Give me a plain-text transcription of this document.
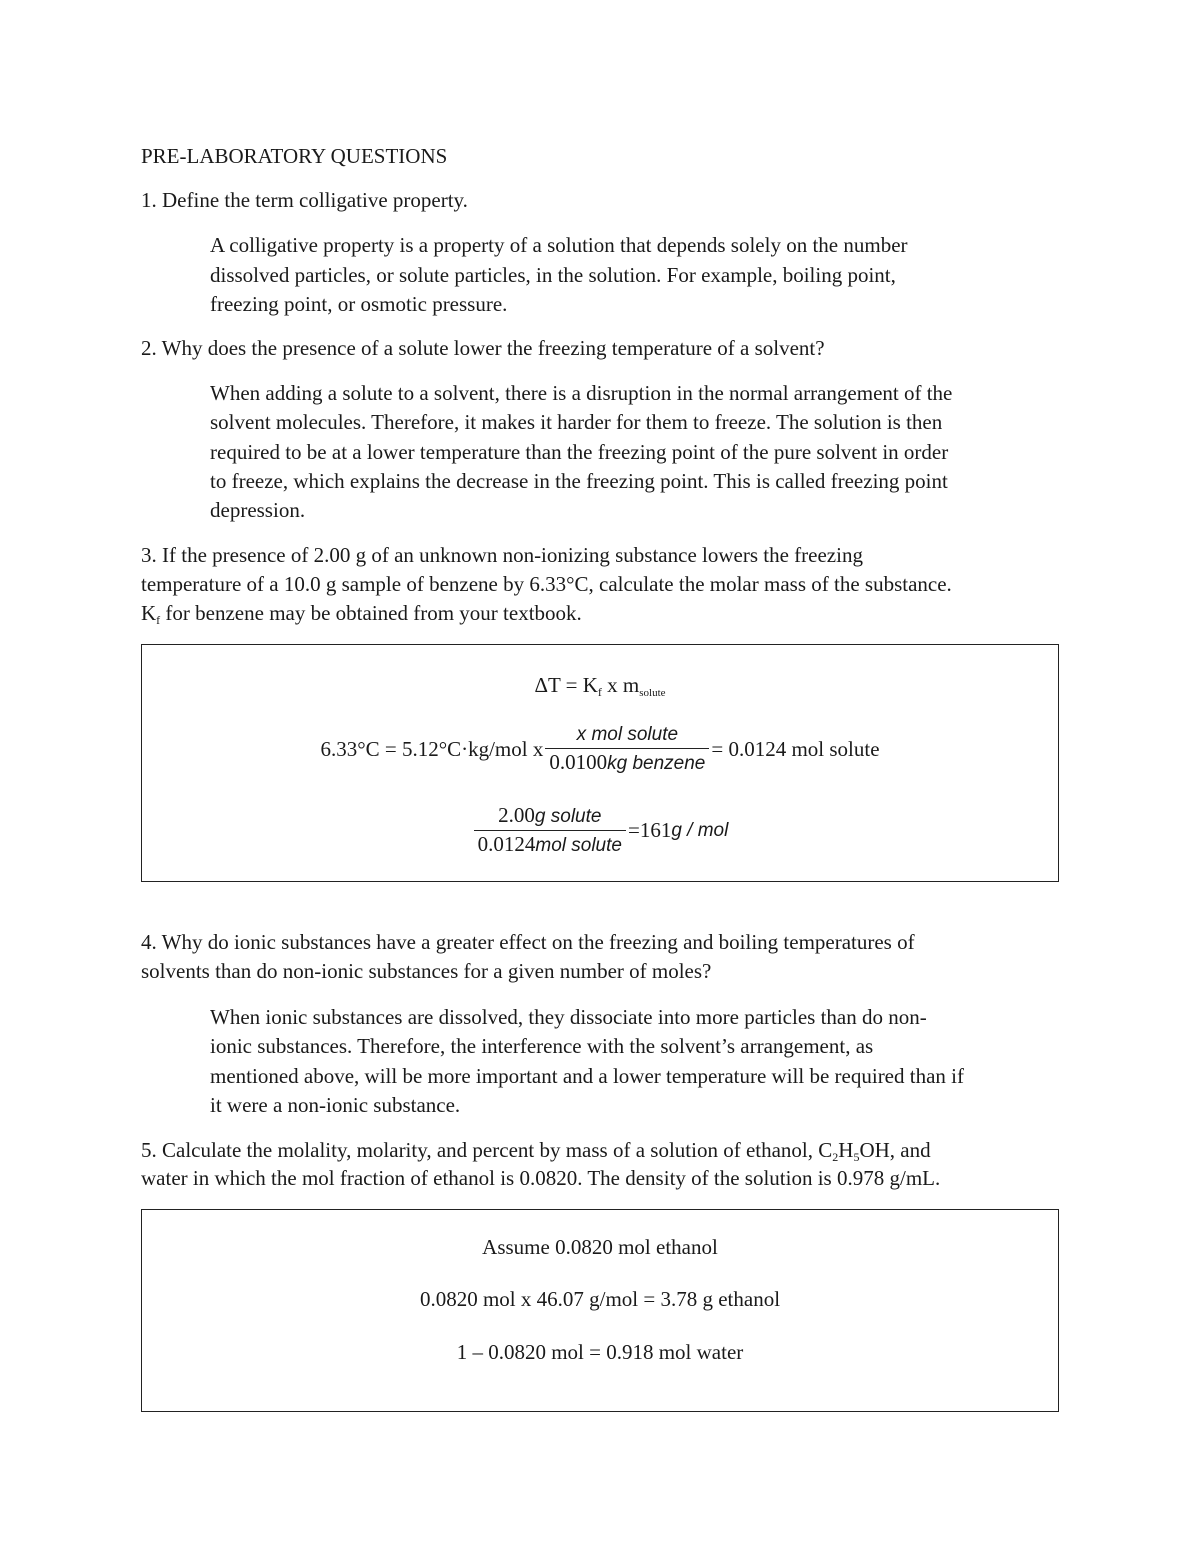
PRE-LABORATORY QUESTIONS
1. Define the term colligative property.
A colligative property is a property of a solution that depends solely on the number
dissolved particles, or solute particles, in the solution. For example, boiling point,
freezing point, or osmotic pressure.
2. Why does the presence of a solute lower the freezing temperature of a solvent?
When adding a solute to a solvent, there is a disruption in the normal arrangement of the
solvent molecules. Therefore, it makes it harder for them to freeze. The solution is then
required to be at a lower temperature than the freezing point of the pure solvent in order
to freeze, which explains the decrease in the freezing point. This is called freezing point
depression.
3. If the presence of 2.00 g of an unknown non-ionizing substance lowers the freezing
temperature of a 10.0 g sample of benzene by 6.33°C, calculate the molar mass of the substance.
$K_f$ for benzene may be obtained from your textbook.
$\Delta T = K_f$ x msolute
6.33°C = 5.12°C·kg/mol x $\frac{\text{x mol solute}}{\text{0.0100kg benzene}} = 0.0124$ mol solute
$\frac{\text{2.00g solute}}{\text{0.0124mol solute}} =161g$ / mol
4. Why do ionic substances have a greater effect on the freezing and boiling temperatures of
solvents than do non-ionic substances for a given number of moles?
When ionic substances are dissolved, they dissociate into more particles than do non-
ionic substances. Therefore, the interference with the solvent’s arrangement, as
mentioned above, will be more important and a lower temperature will be required than if
it were a non-ionic substance.
5. Calculate the molality, molarity, and percent by mass of a solution of ethanol, $C_2H_5OH$, and
water in which the mol fraction of ethanol is 0.0820. The density of the solution is 0.978 g/mL.
Assume 0.0820 mol ethanol
0.0820 mol x 46.07 g/mol = 3.78 g ethanol
1 – 0.0820 mol = 0.918 mol water
